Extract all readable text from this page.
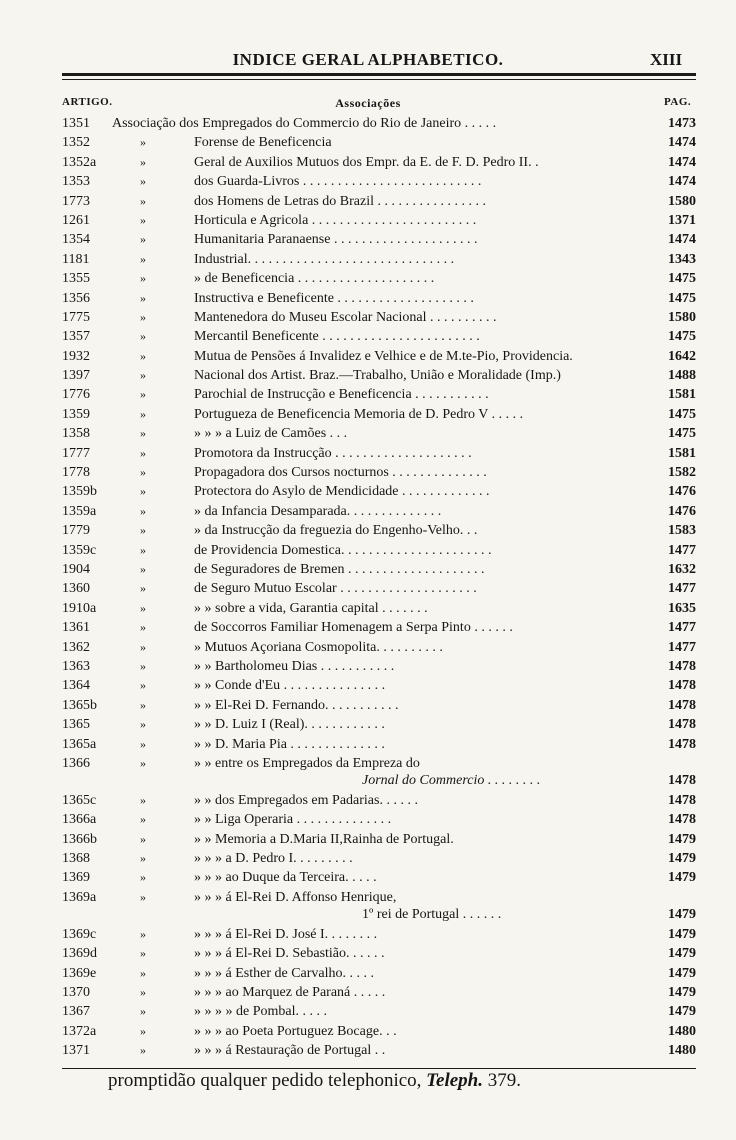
INDICE GERAL ALPHABETICO.	XIII
ARTIGO.	Associações	PAG.
1351 Associação dos Empregados do Commercio do Rio de Janeiro . . . . .	1473
1352	Forense de Beneficencia	1474
»
1352a	Geral de Auxilios Mutuos dos Empr. da E. de F. D. Pedro II. .	1474
»
1353	dos Guarda-Livros . . . . . . . . . . . . . . . . . . . . . . . . . .	1474
»
1773	dos Homens de Letras do Brazil . . . . . . . . . . . . . . . .	1580
»
1261	Horticula e Agricola . . . . . . . . . . . . . . . . . . . . . . . .	1371
»
1354	Humanitaria Paranaense . . . . . . . . . . . . . . . . . . . . .	1474
»
1181	Industrial. . . . . . . . . . . . . . . . . . . . . . . . . . . . . .	1343
»
1355	» de Beneficencia . . . . . . . . . . . . . . . . . . . .	1475
»
1356	Instructiva e Beneficente . . . . . . . . . . . . . . . . . . . .	1475
»
1775	Mantenedora do Museu Escolar Nacional . . . . . . . . . .	1580
»
1357	Mercantil Beneficente . . . . . . . . . . . . . . . . . . . . . . .	1475
»
1932	Mutua de Pensões á Invalidez e Velhice e de M.te-Pio, Providencia.	1642
»
1397	Nacional dos Artist. Braz.—Trabalho, União e Moralidade (Imp.)	1488
»
1776	Parochial de Instrucção e Beneficencia . . . . . . . . . . .	1581
»
1359	Portugueza de Beneficencia Memoria de D. Pedro V . . . . .	1475
»
1358	» » » a Luiz de Camões . . .	1475
»
1777	Promotora da Instrucção . . . . . . . . . . . . . . . . . . . .	1581
»
1778	Propagadora dos Cursos nocturnos . . . . . . . . . . . . . .	1582
»
1359b	Protectora do Asylo de Mendicidade . . . . . . . . . . . . .	1476
»
1359a	» da Infancia Desamparada. . . . . . . . . . . . . .	1476
»
1779	» da Instrucção da freguezia do Engenho-Velho. . .	1583
»
1359c	de Providencia Domestica. . . . . . . . . . . . . . . . . . . . . .	1477
»
1904	de Seguradores de Bremen . . . . . . . . . . . . . . . . . . . .	1632
»
1360	de Seguro Mutuo Escolar . . . . . . . . . . . . . . . . . . . .	1477
»
1910a	» » sobre a vida, Garantia capital . . . . . . .	1635
»
1361	de Soccorros Familiar Homenagem a Serpa Pinto . . . . . .	1477
»
1362	» Mutuos Açoriana Cosmopolita. . . . . . . . . .	1477
»
1363	» » Bartholomeu Dias . . . . . . . . . . .	1478
»
1364	» » Conde d'Eu . . . . . . . . . . . . . . .	1478
»
1365b	» » El-Rei D. Fernando. . . . . . . . . . .	1478
»
1365	» » D. Luiz I (Real). . . . . . . . . . . .	1478
»
1365a	» » D. Maria Pia . . . . . . . . . . . . . .	1478
»
1366	» » entre os Empregados da Empreza do
Jornal do Commercio . . . . . . . .	1478
»
1365c	» » dos Empregados em Padarias. . . . . .	1478
»
1366a	» » Liga Operaria . . . . . . . . . . . . . .	1478
»
1366b	» » Memoria a D.Maria II,Rainha de Portugal.	1479
»
1368	» » » a D. Pedro I. . . . . . . . .	1479
»
1369	» » » ao Duque da Terceira. . . . .	1479
»
1369a	» » » á El-Rei D. Affonso Henrique,
1º rei de Portugal . . . . . .	1479
»
1369c	» » » á El-Rei D. José I. . . . . . . .	1479
»
1369d	» » » á El-Rei D. Sebastião. . . . . .	1479
»
1369e	» » » á Esther de Carvalho. . . . .	1479
»
1370	» » » ao Marquez de Paraná . . . . .	1479
»
1367	» » » » de Pombal. . . . .	1479
»
1372a	» » » ao Poeta Portuguez Bocage. . .	1480
»
1371	» » » á Restauração de Portugal . .	1480
»
promptidão qualquer pedido telephonico, Teleph. 379.
